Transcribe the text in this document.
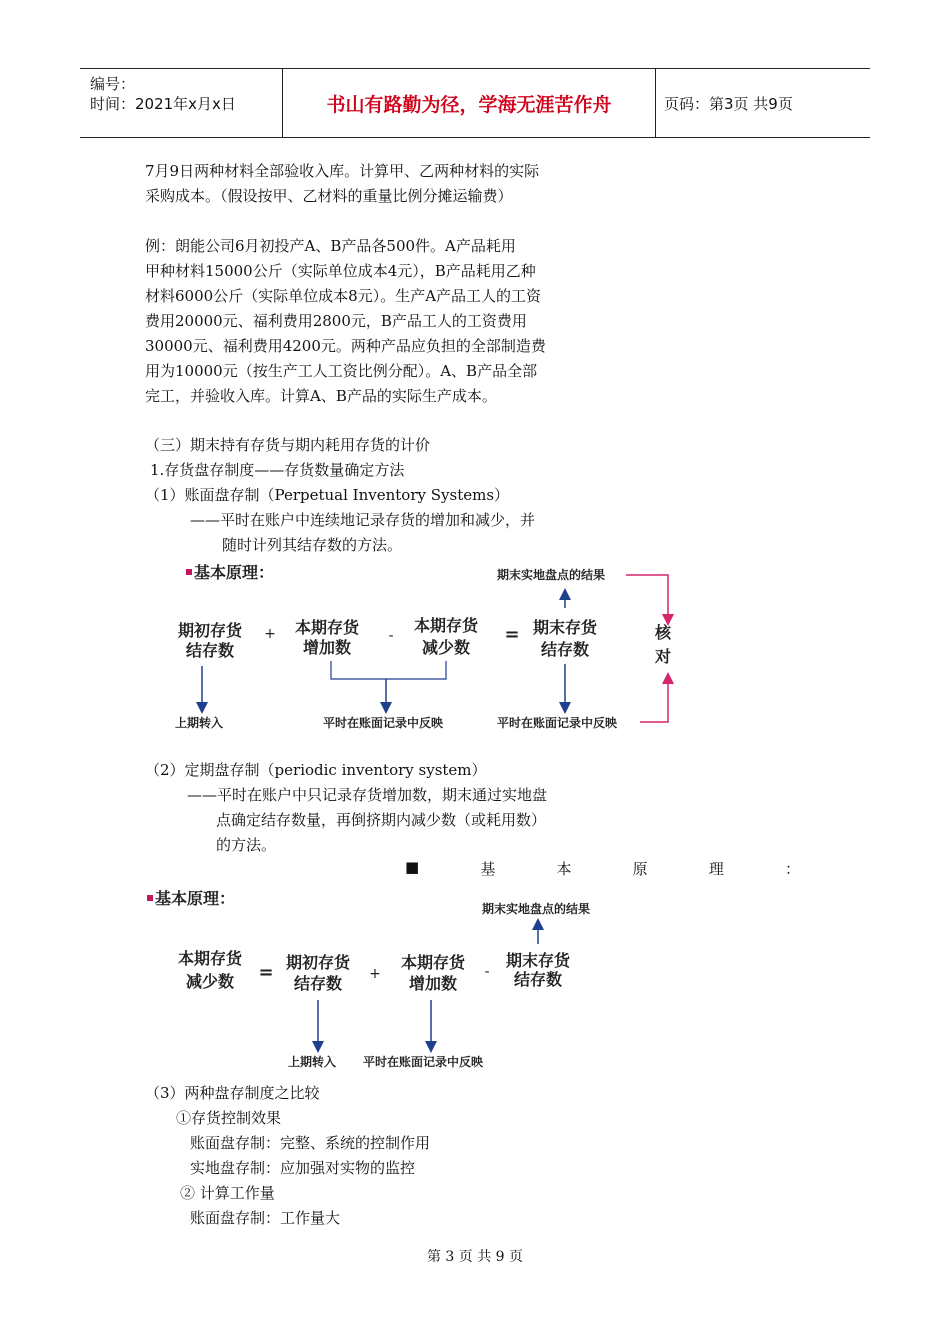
编号：
时间：2021年x月x日	书山有路勤为径，学海无涯苦作舟	页码：第3页 共9页
7月9日两种材料全部验收入库。计算甲、乙两种材料的实际
采购成本。（假设按甲、乙材料的重量比例分摊运输费）
例：朗能公司6月初投产A、B产品各500件。A产品耗用
甲种材料15000公斤（实际单位成本4元），B产品耗用乙种
材料6000公斤（实际单位成本8元）。生产A产品工人的工资
费用20000元、福利费用2800元，B产品工人的工资费用
30000元、福利费用4200元。两种产品应负担的全部制造费
用为10000元（按生产工人工资比例分配）。A、B产品全部
完工，并验收入库。计算A、B产品的实际生产成本。
（三）期末持有存货与期内耗用存货的计价
1.存货盘存制度——存货数量确定方法
（1）账面盘存制（Perpetual Inventory Systems）
——平时在账户中连续地记录存货的增加和减少，并
随时计列其结存数的方法。
基本原理：
期初存货
结存数
+ 本期存货
增加数
-
本期存货
减少数
= 期末存货
结存数
期末实地盘点的结果
核
对
上期转入	平时在账面记录中反映	平时在账面记录中反映
（2）定期盘存制（periodic inventory system）
——平时在账户中只记录存货增加数，期末通过实地盘
点确定结存数量，再倒挤期内减少数（或耗用数）
的方法。
■	基	本	原	理	：
基本原理：
期末实地盘点的结果
本期存货
减少数 = 期初存货
结存数 +
本期存货
增加数
-
期末存货
结存数
上期转入 平时在账面记录中反映
（3）两种盘存制度之比较
①存货控制效果
账面盘存制：完整、系统的控制作用
实地盘存制：应加强对实物的监控
② 计算工作量
账面盘存制：工作量大
第 3 页 共 9 页
